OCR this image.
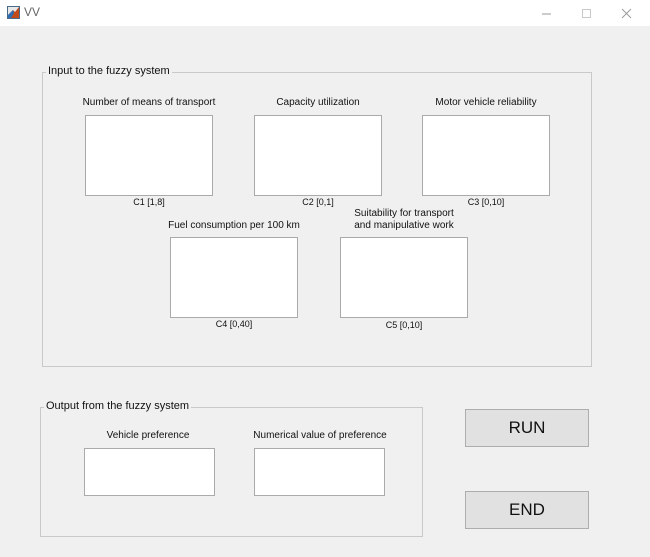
VV
Input to the fuzzy system
Number of means of transport
C1 [1,8]
Capacity utilization
C2 [0,1]
Motor vehicle reliability
C3 [0,10]
Fuel consumption per 100 km
C4 [0,40]
Suitability for transport
and manipulative work
C5 [0,10]
Output from the fuzzy system
Vehicle preference	Numerical value of preference	RUN
END
